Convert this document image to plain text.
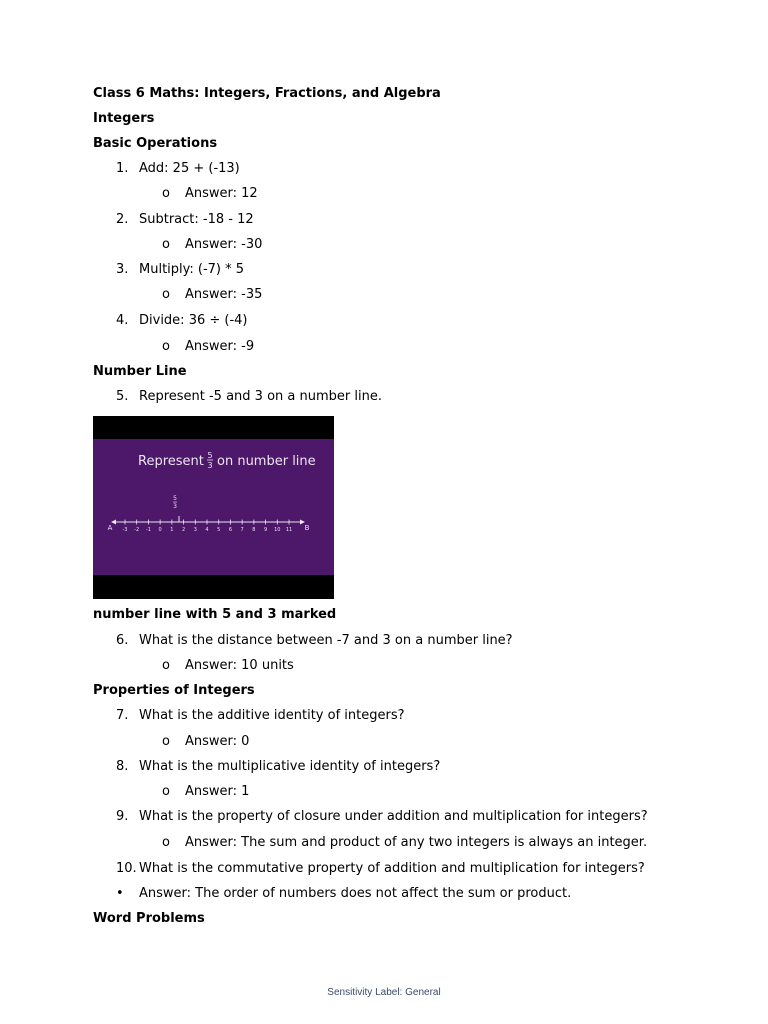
Class 6 Maths: Integers, Fractions, and Algebra
Integers
Basic Operations
1. Add: 25 + (-13)
o Answer: 12
2. Subtract: -18 - 12
o Answer: -30
3. Multiply: (-7) * 5
o Answer: -35
4. Divide: 36 ÷ (-4)
o Answer: -9
Number Line
5. Represent -5 and 3 on a number line.
Represent 5
3 on number line
5
3
A	B
-3 -2 -1 0 1 2 3 4 5 6 7 8 9 10 11
number line with 5 and 3 marked
6. What is the distance between -7 and 3 on a number line?
o Answer: 10 units
Properties of Integers
7. What is the additive identity of integers?
o Answer: 0
8. What is the multiplicative identity of integers?
o Answer: 1
9. What is the property of closure under addition and multiplication for integers?
o Answer: The sum and product of any two integers is always an integer.
10. What is the commutative property of addition and multiplication for integers?
• Answer: The order of numbers does not affect the sum or product.
Word Problems
Sensitivity Label: General
